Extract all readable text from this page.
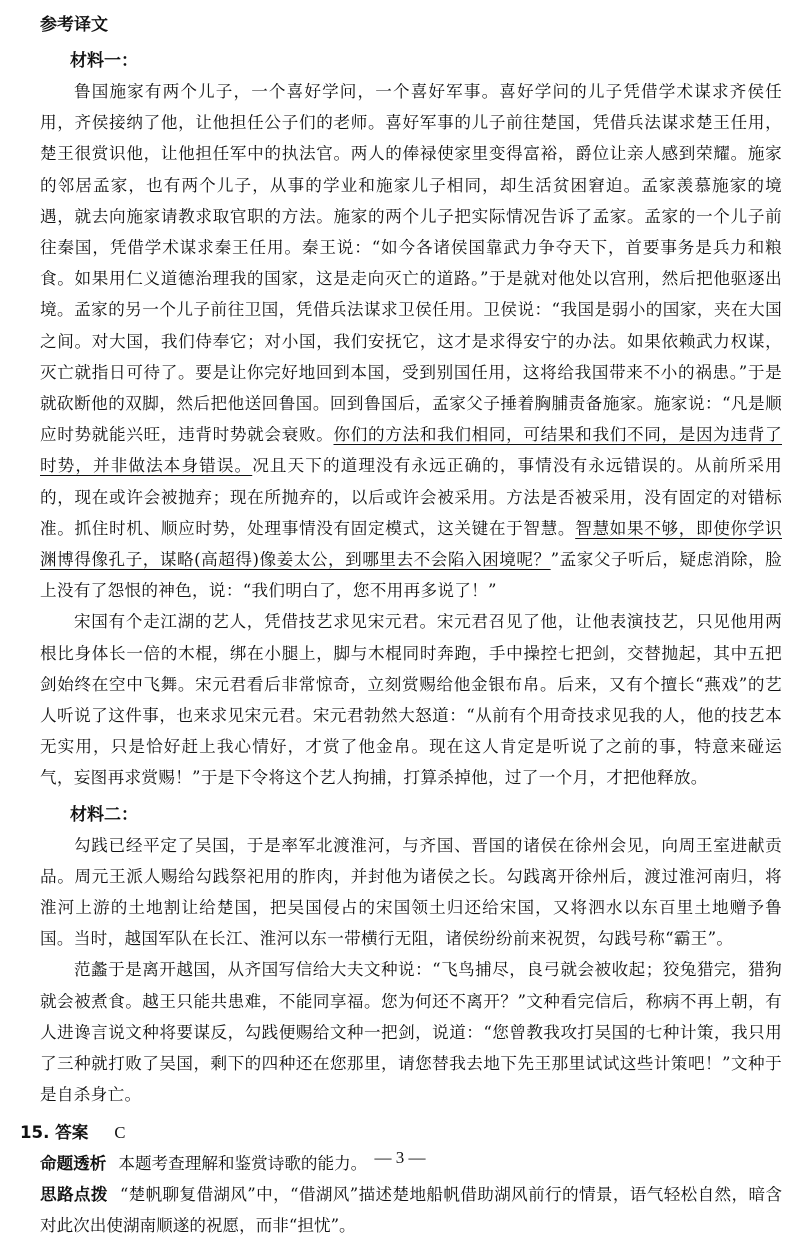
参考译文

材料一：

鲁国施家有两个儿子，一个喜好学问，一个喜好军事。喜好学问的儿子凭借学术谋求齐侯任用，齐侯接纳了他，让他担任公子们的老师。喜好军事的儿子前往楚国，凭借兵法谋求楚王任用，楚王很赏识他，让他担任军中的执法官。两人的俸禄使家里变得富裕，爵位让亲人感到荣耀。施家的邻居孟家，也有两个儿子，从事的学业和施家儿子相同，却生活贫困窘迫。孟家羡慕施家的境遇，就去向施家请教求取官职的方法。施家的两个儿子把实际情况告诉了孟家。孟家的一个儿子前往秦国，凭借学术谋求秦王任用。秦王说：“如今各诸侯国靠武力争夺天下，首要事务是兵力和粮食。如果用仁义道德治理我的国家，这是走向灭亡的道路。”于是就对他处以宫刑，然后把他驱逐出境。孟家的另一个儿子前往卫国，凭借兵法谋求卫侯任用。卫侯说：“我国是弱小的国家，夹在大国之间。对大国，我们侍奉它；对小国，我们安抚它，这才是求得安宁的办法。如果依赖武力权谋，灭亡就指日可待了。要是让你完好地回到本国，受到别国任用，这将给我国带来不小的祸患。”于是就砍断他的双脚，然后把他送回鲁国。回到鲁国后，孟家父子捶着胸脯责备施家。施家说：“凡是顺应时势就能兴旺，违背时势就会衰败。你们的方法和我们相同，可结果和我们不同，是因为违背了时势，并非做法本身错误。况且天下的道理没有永远正确的，事情没有永远错误的。从前所采用的，现在或许会被抛弃；现在所抛弃的，以后或许会被采用。方法是否被采用，没有固定的对错标准。抓住时机、顺应时势，处理事情没有固定模式，这关键在于智慧。智慧如果不够，即使你学识渊博得像孔子，谋略(高超得)像姜太公，到哪里去不会陷入困境呢？”孟家父子听后，疑虑消除，脸上没有了怨恨的神色，说：“我们明白了，您不用再多说了！”

宋国有个走江湖的艺人，凭借技艺求见宋元君。宋元君召见了他，让他表演技艺，只见他用两根比身体长一倍的木棍，绑在小腿上，脚与木棍同时奔跑，手中操控七把剑，交替抛起，其中五把剑始终在空中飞舞。宋元君看后非常惊奇，立刻赏赐给他金银布帛。后来，又有个擅长“燕戏”的艺人听说了这件事，也来求见宋元君。宋元君勃然大怒道：“从前有个用奇技求见我的人，他的技艺本无实用，只是恰好赶上我心情好，才赏了他金帛。现在这人肯定是听说了之前的事，特意来碰运气，妄图再求赏赐！”于是下令将这个艺人拘捕，打算杀掉他，过了一个月，才把他释放。

材料二：

勾践已经平定了吴国，于是率军北渡淮河，与齐国、晋国的诸侯在徐州会见，向周王室进献贡品。周元王派人赐给勾践祭祀用的胙肉，并封他为诸侯之长。勾践离开徐州后，渡过淮河南归，将淮河上游的土地割让给楚国，把吴国侵占的宋国领土归还给宋国，又将泗水以东百里土地赠予鲁国。当时，越国军队在长江、淮河以东一带横行无阻，诸侯纷纷前来祝贺，勾践号称“霸王”。

范蠡于是离开越国，从齐国写信给大夫文种说：“飞鸟捕尽，良弓就会被收起；狡兔猎完，猎狗就会被煮食。越王只能共患难，不能同享福。您为何还不离开？”文种看完信后，称病不再上朝，有人进谗言说文种将要谋反，勾践便赐给文种一把剑，说道：“您曾教我攻打吴国的七种计策，我只用了三种就打败了吴国，剩下的四种还在您那里，请您替我去地下先王那里试试这些计策吧！”文种于是自杀身亡。

15. 答案 C

命题透析 本题考查理解和鉴赏诗歌的能力。

思路点拨 “楚帆聊复借湖风”中，“借湖风”描述楚地船帆借助湖风前行的情景，语气轻松自然，暗含对此次出使湖南顺遂的祝愿，而非“担忧”。

— 3 —
